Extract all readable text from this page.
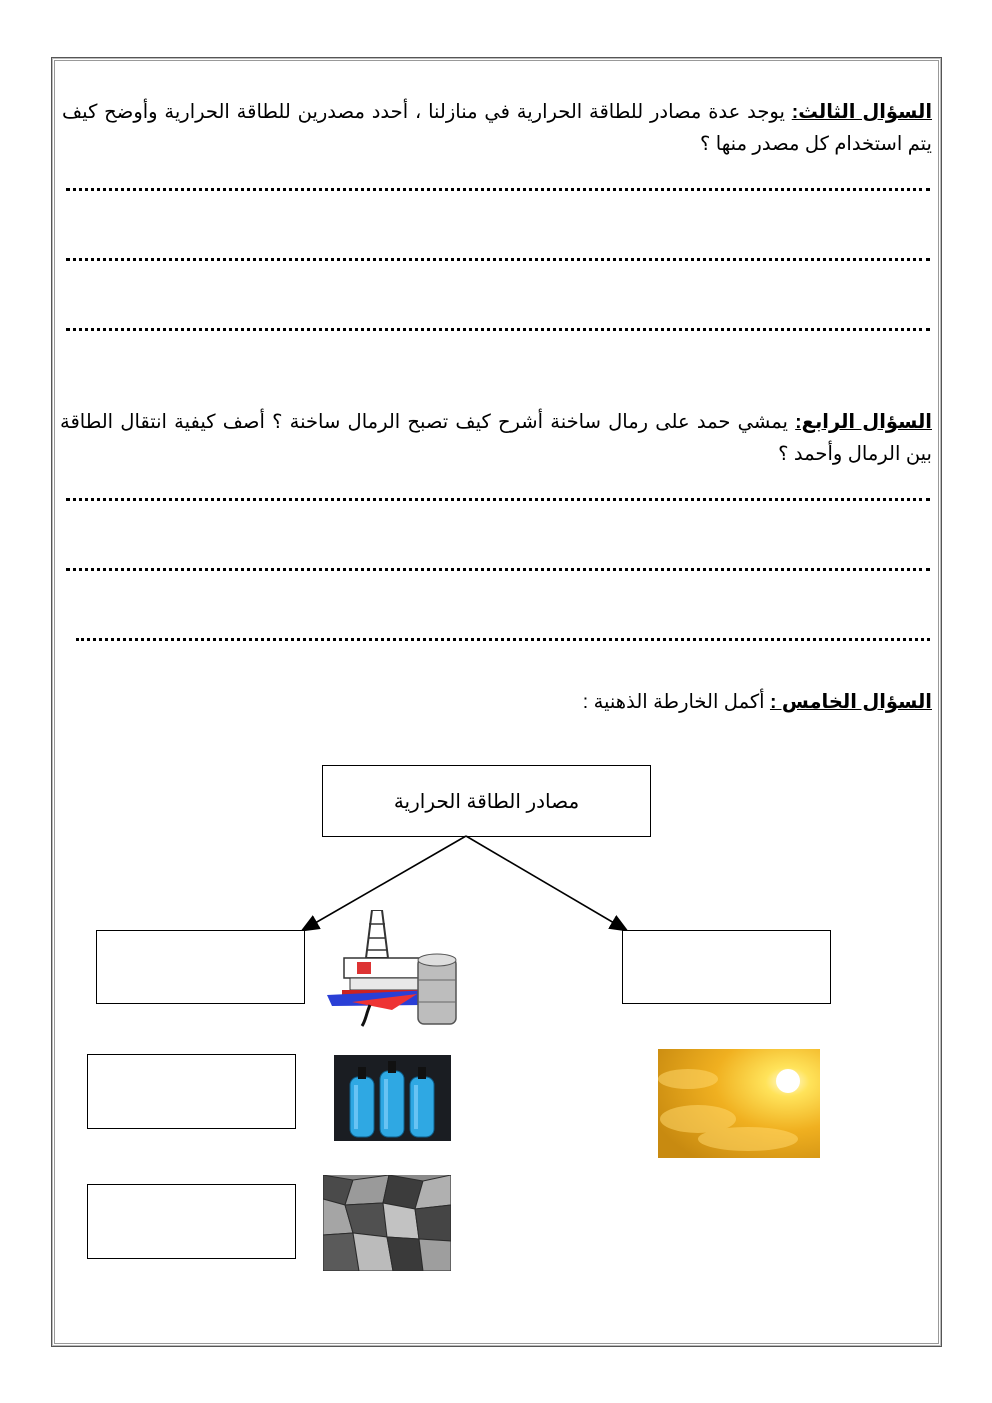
السؤال الثالث: يوجد عدة مصادر للطاقة الحرارية في منازلنا ، أحدد مصدرين للطاقة الحرارية وأوضح كيف يتم استخدام كل مصدر منها ؟
السؤال الرابع: يمشي حمد على رمال ساخنة أشرح كيف تصبح الرمال ساخنة ؟ أصف كيفية انتقال الطاقة بين الرمال وأحمد ؟
السؤال الخامس : أكمل الخارطة الذهنية :
مصادر الطاقة الحرارية
